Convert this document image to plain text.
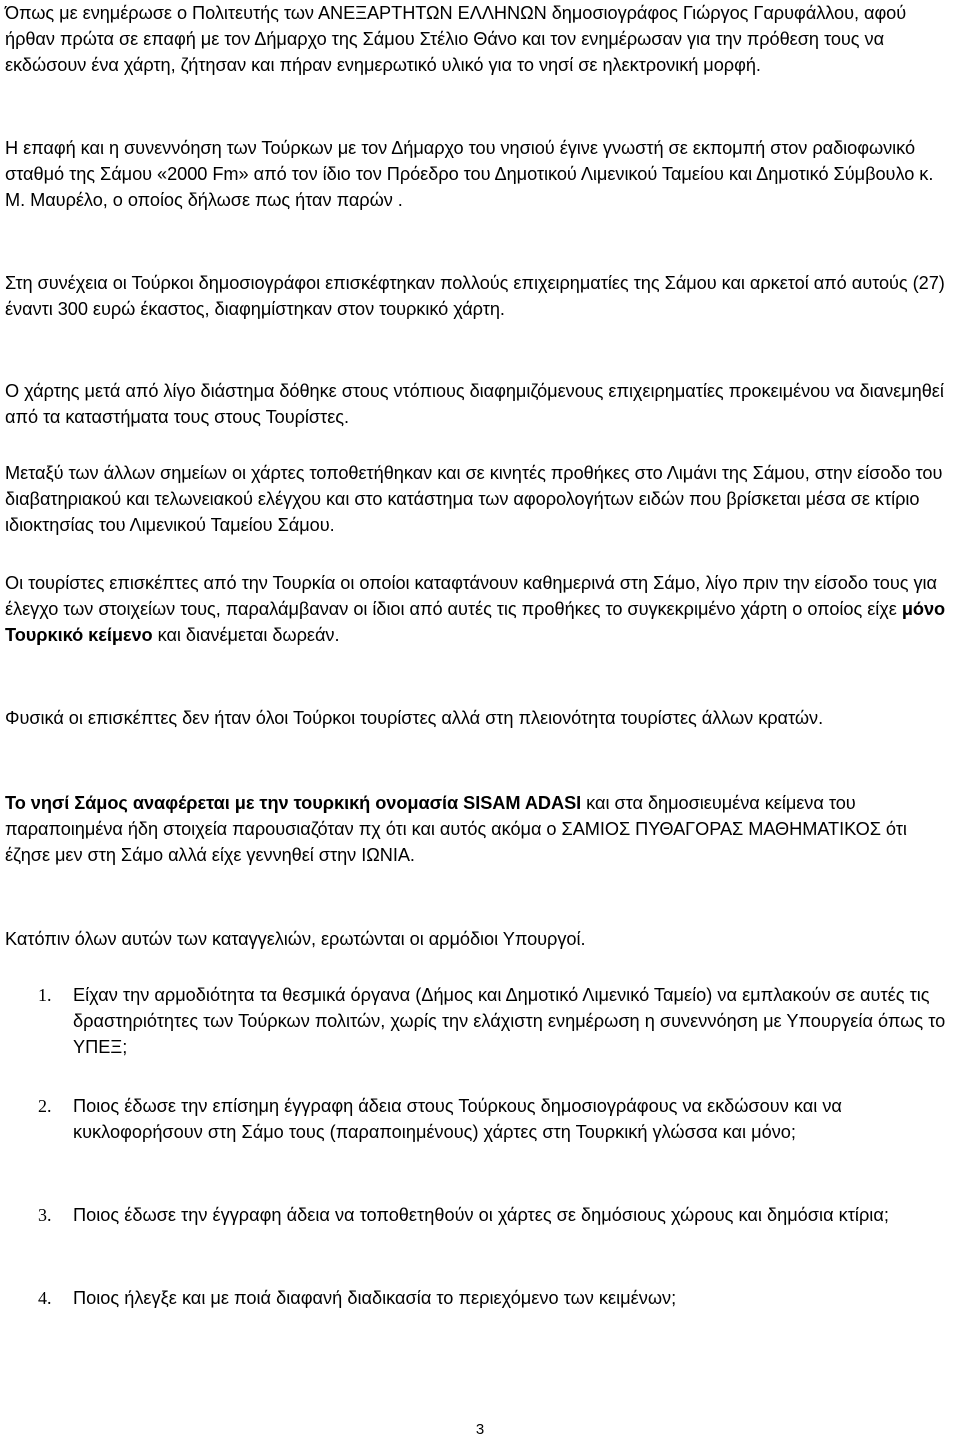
Όπως με ενημέρωσε ο Πολιτευτής των ΑΝΕΞΑΡΤΗΤΩΝ ΕΛΛΗΝΩΝ δημοσιογράφος Γιώργος Γαρυφάλλου, αφού ήρθαν πρώτα σε επαφή με τον Δήμαρχο της Σάμου Στέλιο Θάνο και τον ενημέρωσαν για την πρόθεση τους να εκδώσουν ένα χάρτη, ζήτησαν και πήραν ενημερωτικό υλικό για το νησί σε ηλεκτρονική μορφή.

Η επαφή και η συνεννόηση των Τούρκων με τον Δήμαρχο του νησιού έγινε γνωστή σε εκπομπή στον ραδιοφωνικό σταθμό της Σάμου «2000 Fm» από τον ίδιο τον Πρόεδρο του Δημοτικού Λιμενικού Ταμείου και Δημοτικό Σύμβουλο κ. Μ. Μαυρέλο, ο οποίος δήλωσε πως ήταν παρών .

Στη συνέχεια οι Τούρκοι δημοσιογράφοι επισκέφτηκαν πολλούς επιχειρηματίες της Σάμου και αρκετοί από αυτούς (27) έναντι 300 ευρώ έκαστος, διαφημίστηκαν στον τουρκικό χάρτη.

Ο χάρτης μετά από λίγο διάστημα δόθηκε στους ντόπιους διαφημιζόμενους επιχειρηματίες προκειμένου να διανεμηθεί από τα καταστήματα τους στους Τουρίστες.

Μεταξύ των άλλων σημείων οι χάρτες τοποθετήθηκαν και σε κινητές προθήκες στο Λιμάνι της Σάμου, στην είσοδο του διαβατηριακού και τελωνειακού ελέγχου και στο κατάστημα των αφορολογήτων ειδών που βρίσκεται μέσα σε κτίριο ιδιοκτησίας του Λιμενικού Ταμείου Σάμου.

Οι τουρίστες επισκέπτες από την Τουρκία οι οποίοι καταφτάνουν καθημερινά στη Σάμο, λίγο πριν την είσοδο τους για έλεγχο των στοιχείων τους, παραλάμβαναν οι ίδιοι από αυτές τις προθήκες το συγκεκριμένο χάρτη ο οποίος είχε μόνο Τουρκικό κείμενο και διανέμεται δωρεάν.

Φυσικά οι επισκέπτες δεν ήταν όλοι Τούρκοι τουρίστες αλλά στη πλειονότητα τουρίστες άλλων κρατών.

Το νησί Σάμος αναφέρεται με την τουρκική ονομασία SISAM ADASI και στα δημοσιευμένα κείμενα του παραποιημένα ήδη στοιχεία παρουσιαζόταν πχ ότι και αυτός ακόμα ο ΣΑΜΙΟΣ ΠΥΘΑΓΟΡΑΣ ΜΑΘΗΜΑΤΙΚΟΣ ότι έζησε μεν στη Σάμο αλλά είχε γεννηθεί στην ΙΩΝΙΑ.

Κατόπιν όλων αυτών των καταγγελιών, ερωτώνται οι αρμόδιοι Υπουργοί.

1. Είχαν την αρμοδιότητα τα θεσμικά όργανα (Δήμος και Δημοτικό Λιμενικό Ταμείο) να εμπλακούν σε αυτές τις δραστηριότητες των Τούρκων πολιτών, χωρίς την ελάχιστη ενημέρωση η συνεννόηση με Υπουργεία όπως το ΥΠΕΞ;

2. Ποιος έδωσε την επίσημη έγγραφη άδεια στους Τούρκους δημοσιογράφους να εκδώσουν και να κυκλοφορήσουν στη Σάμο τους (παραποιημένους) χάρτες στη Τουρκική γλώσσα και μόνο;

3. Ποιος έδωσε την έγγραφη άδεια να τοποθετηθούν οι χάρτες σε δημόσιους χώρους και δημόσια κτίρια;

4. Ποιος ήλεγξε και με ποιά διαφανή διαδικασία το περιεχόμενο των κειμένων;

3
